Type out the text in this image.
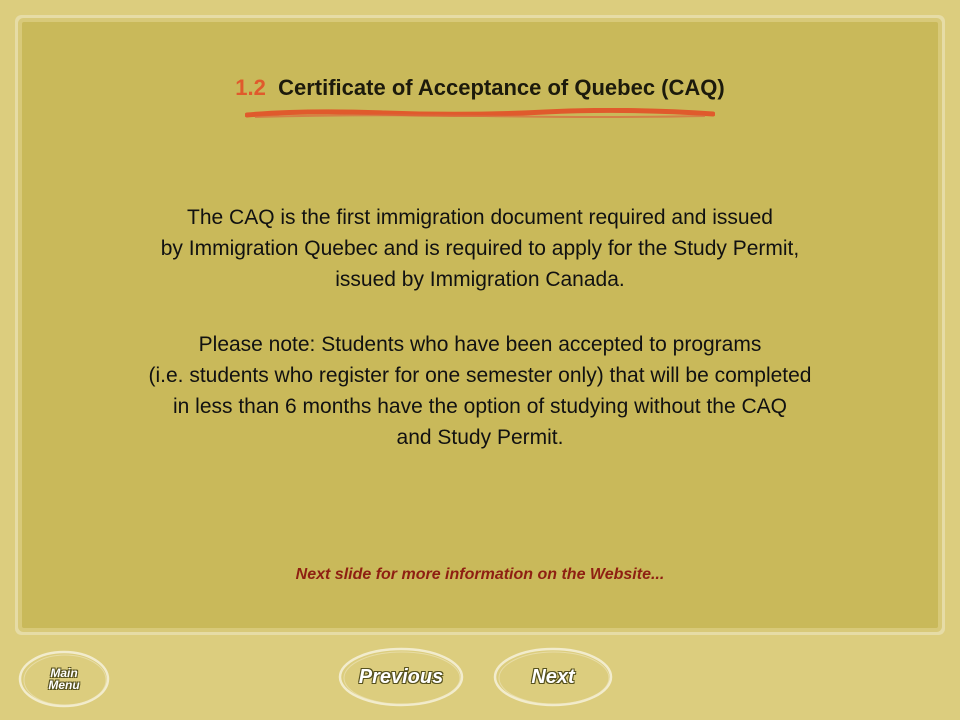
1.2 Certificate of Acceptance of Quebec (CAQ)
The CAQ is the first immigration document required and issued
by Immigration Quebec and is required to apply for the Study Permit,
issued by Immigration Canada.
Please note: Students who have been accepted to programs
(i.e. students who register for one semester only) that will be completed
in less than 6 months have the option of studying without the CAQ
and Study Permit.
Next slide for more information on the Website...
Main
Menu	Previous	Next
